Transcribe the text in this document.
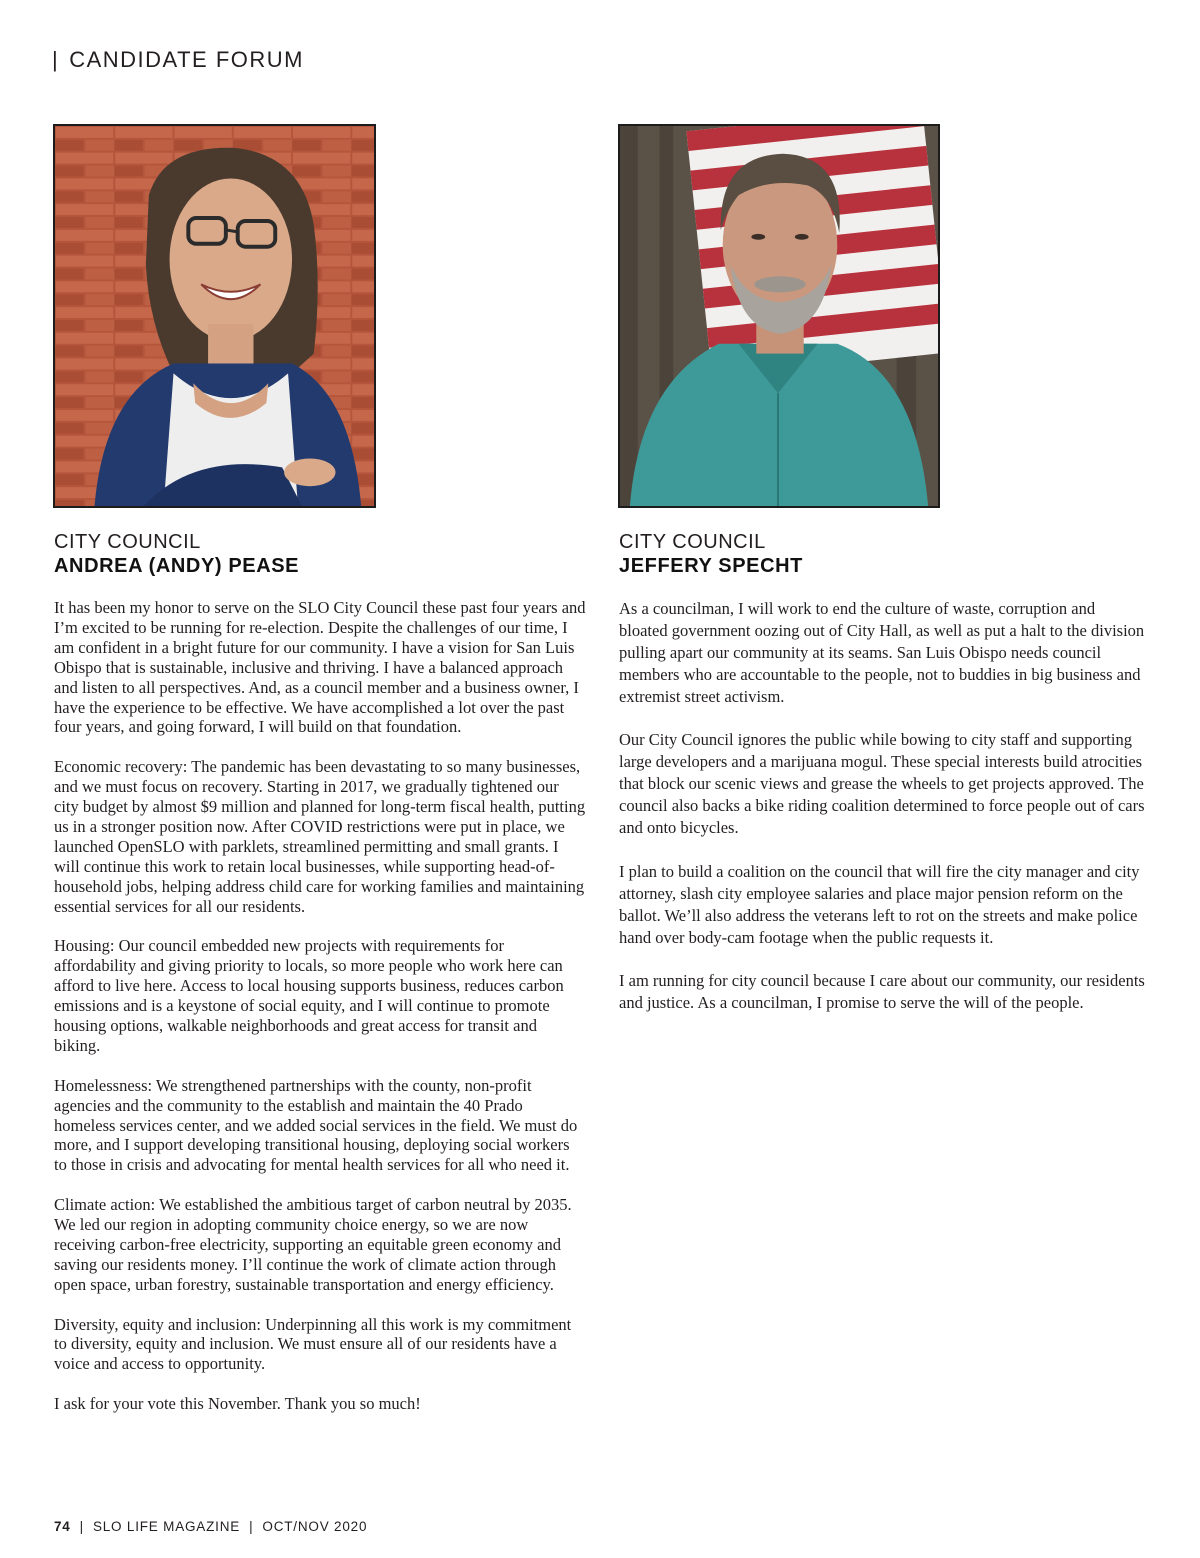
| CANDIDATE FORUM
CITY COUNCIL
ANDREA (ANDY) PEASE
CITY COUNCIL
JEFFERY SPECHT

It has been my honor to serve on the SLO City Council these past four years and I’m excited to be running for re-election. Despite the challenges of our time, I am confident in a bright future for our community. I have a vision for San Luis Obispo that is sustainable, inclusive and thriving. I have a balanced approach and listen to all perspectives. And, as a council member and a business owner, I have the experience to be effective. We have accomplished a lot over the past four years, and going forward, I will build on that foundation.

Economic recovery: The pandemic has been devastating to so many businesses, and we must focus on recovery. Starting in 2017, we gradually tightened our city budget by almost $9 million and planned for long-term fiscal health, putting us in a stronger position now. After COVID restrictions were put in place, we launched OpenSLO with parklets, streamlined permitting and small grants. I will continue this work to retain local businesses, while supporting head-of-household jobs, helping address child care for working families and maintaining essential services for all our residents.

Housing: Our council embedded new projects with requirements for affordability and giving priority to locals, so more people who work here can afford to live here. Access to local housing supports business, reduces carbon emissions and is a keystone of social equity, and I will continue to promote housing options, walkable neighborhoods and great access for transit and biking.

Homelessness: We strengthened partnerships with the county, non-profit agencies and the community to the establish and maintain the 40 Prado homeless services center, and we added social services in the field. We must do more, and I support developing transitional housing, deploying social workers to those in crisis and advocating for mental health services for all who need it.

Climate action: We established the ambitious target of carbon neutral by 2035. We led our region in adopting community choice energy, so we are now receiving carbon-free electricity, supporting an equitable green economy and saving our residents money. I’ll continue the work of climate action through open space, urban forestry, sustainable transportation and energy efficiency.

Diversity, equity and inclusion: Underpinning all this work is my commitment to diversity, equity and inclusion. We must ensure all of our residents have a voice and access to opportunity.

I ask for your vote this November. Thank you so much!

As a councilman, I will work to end the culture of waste, corruption and bloated government oozing out of City Hall, as well as put a halt to the division pulling apart our community at its seams. San Luis Obispo needs council members who are accountable to the people, not to buddies in big business and extremist street activism.

Our City Council ignores the public while bowing to city staff and supporting large developers and a marijuana mogul. These special interests build atrocities that block our scenic views and grease the wheels to get projects approved. The council also backs a bike riding coalition determined to force people out of cars and onto bicycles.

I plan to build a coalition on the council that will fire the city manager and city attorney, slash city employee salaries and place major pension reform on the ballot. We’ll also address the veterans left to rot on the streets and make police hand over body-cam footage when the public requests it.

I am running for city council because I care about our community, our residents and justice. As a councilman, I promise to serve the will of the people.

74 | SLO LIFE MAGAZINE | OCT/NOV 2020
